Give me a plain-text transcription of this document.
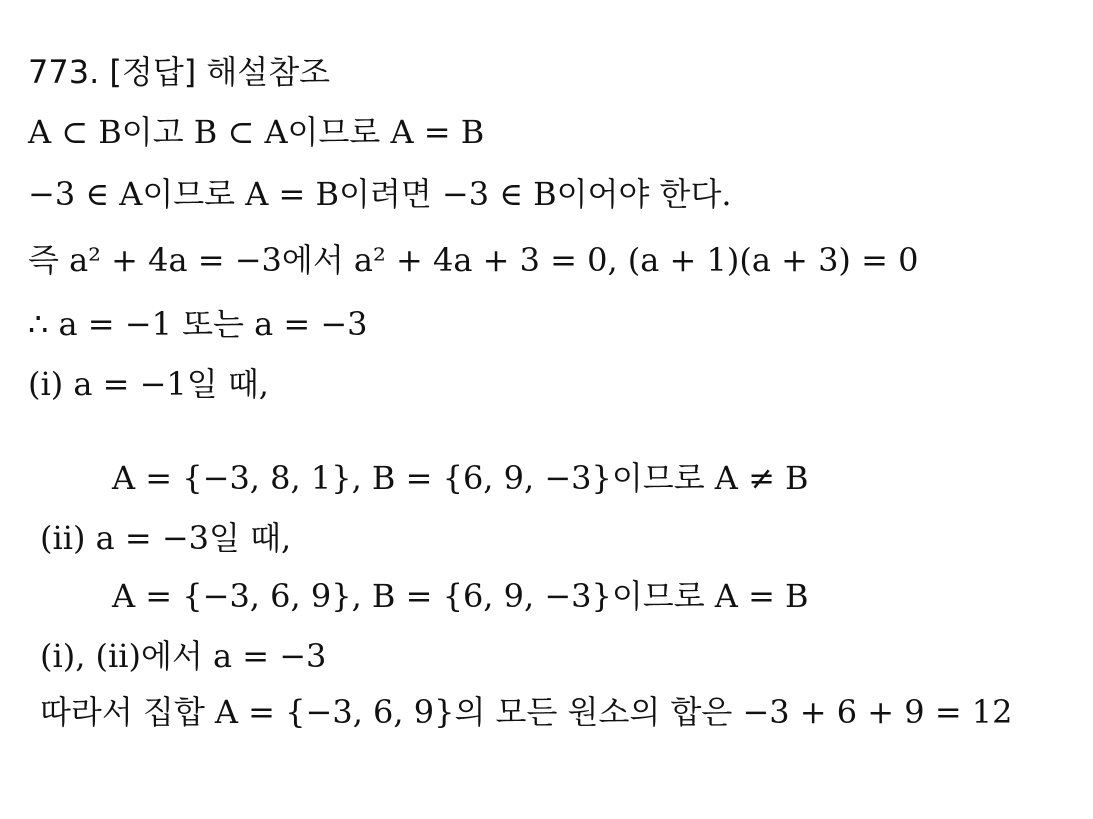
773. [정답] 해설참조
A ⊂ B이고 B ⊂ A이므로 A = B
−3 ∈ A이므로 A = B이려면 −3 ∈ B이어야 한다.
즉 a² + 4a = −3에서 a² + 4a + 3 = 0, (a + 1)(a + 3) = 0
∴ a = −1 또는 a = −3
(ⅰ) a = −1일 때,
A = {−3, 8, 1}, B = {6, 9, −3}이므로 A ≠ B
(ⅱ) a = −3일 때,
A = {−3, 6, 9}, B = {6, 9, −3}이므로 A = B
(ⅰ), (ⅱ)에서 a = −3
따라서 집합 A = {−3, 6, 9}의 모든 원소의 합은 −3 + 6 + 9 = 12
